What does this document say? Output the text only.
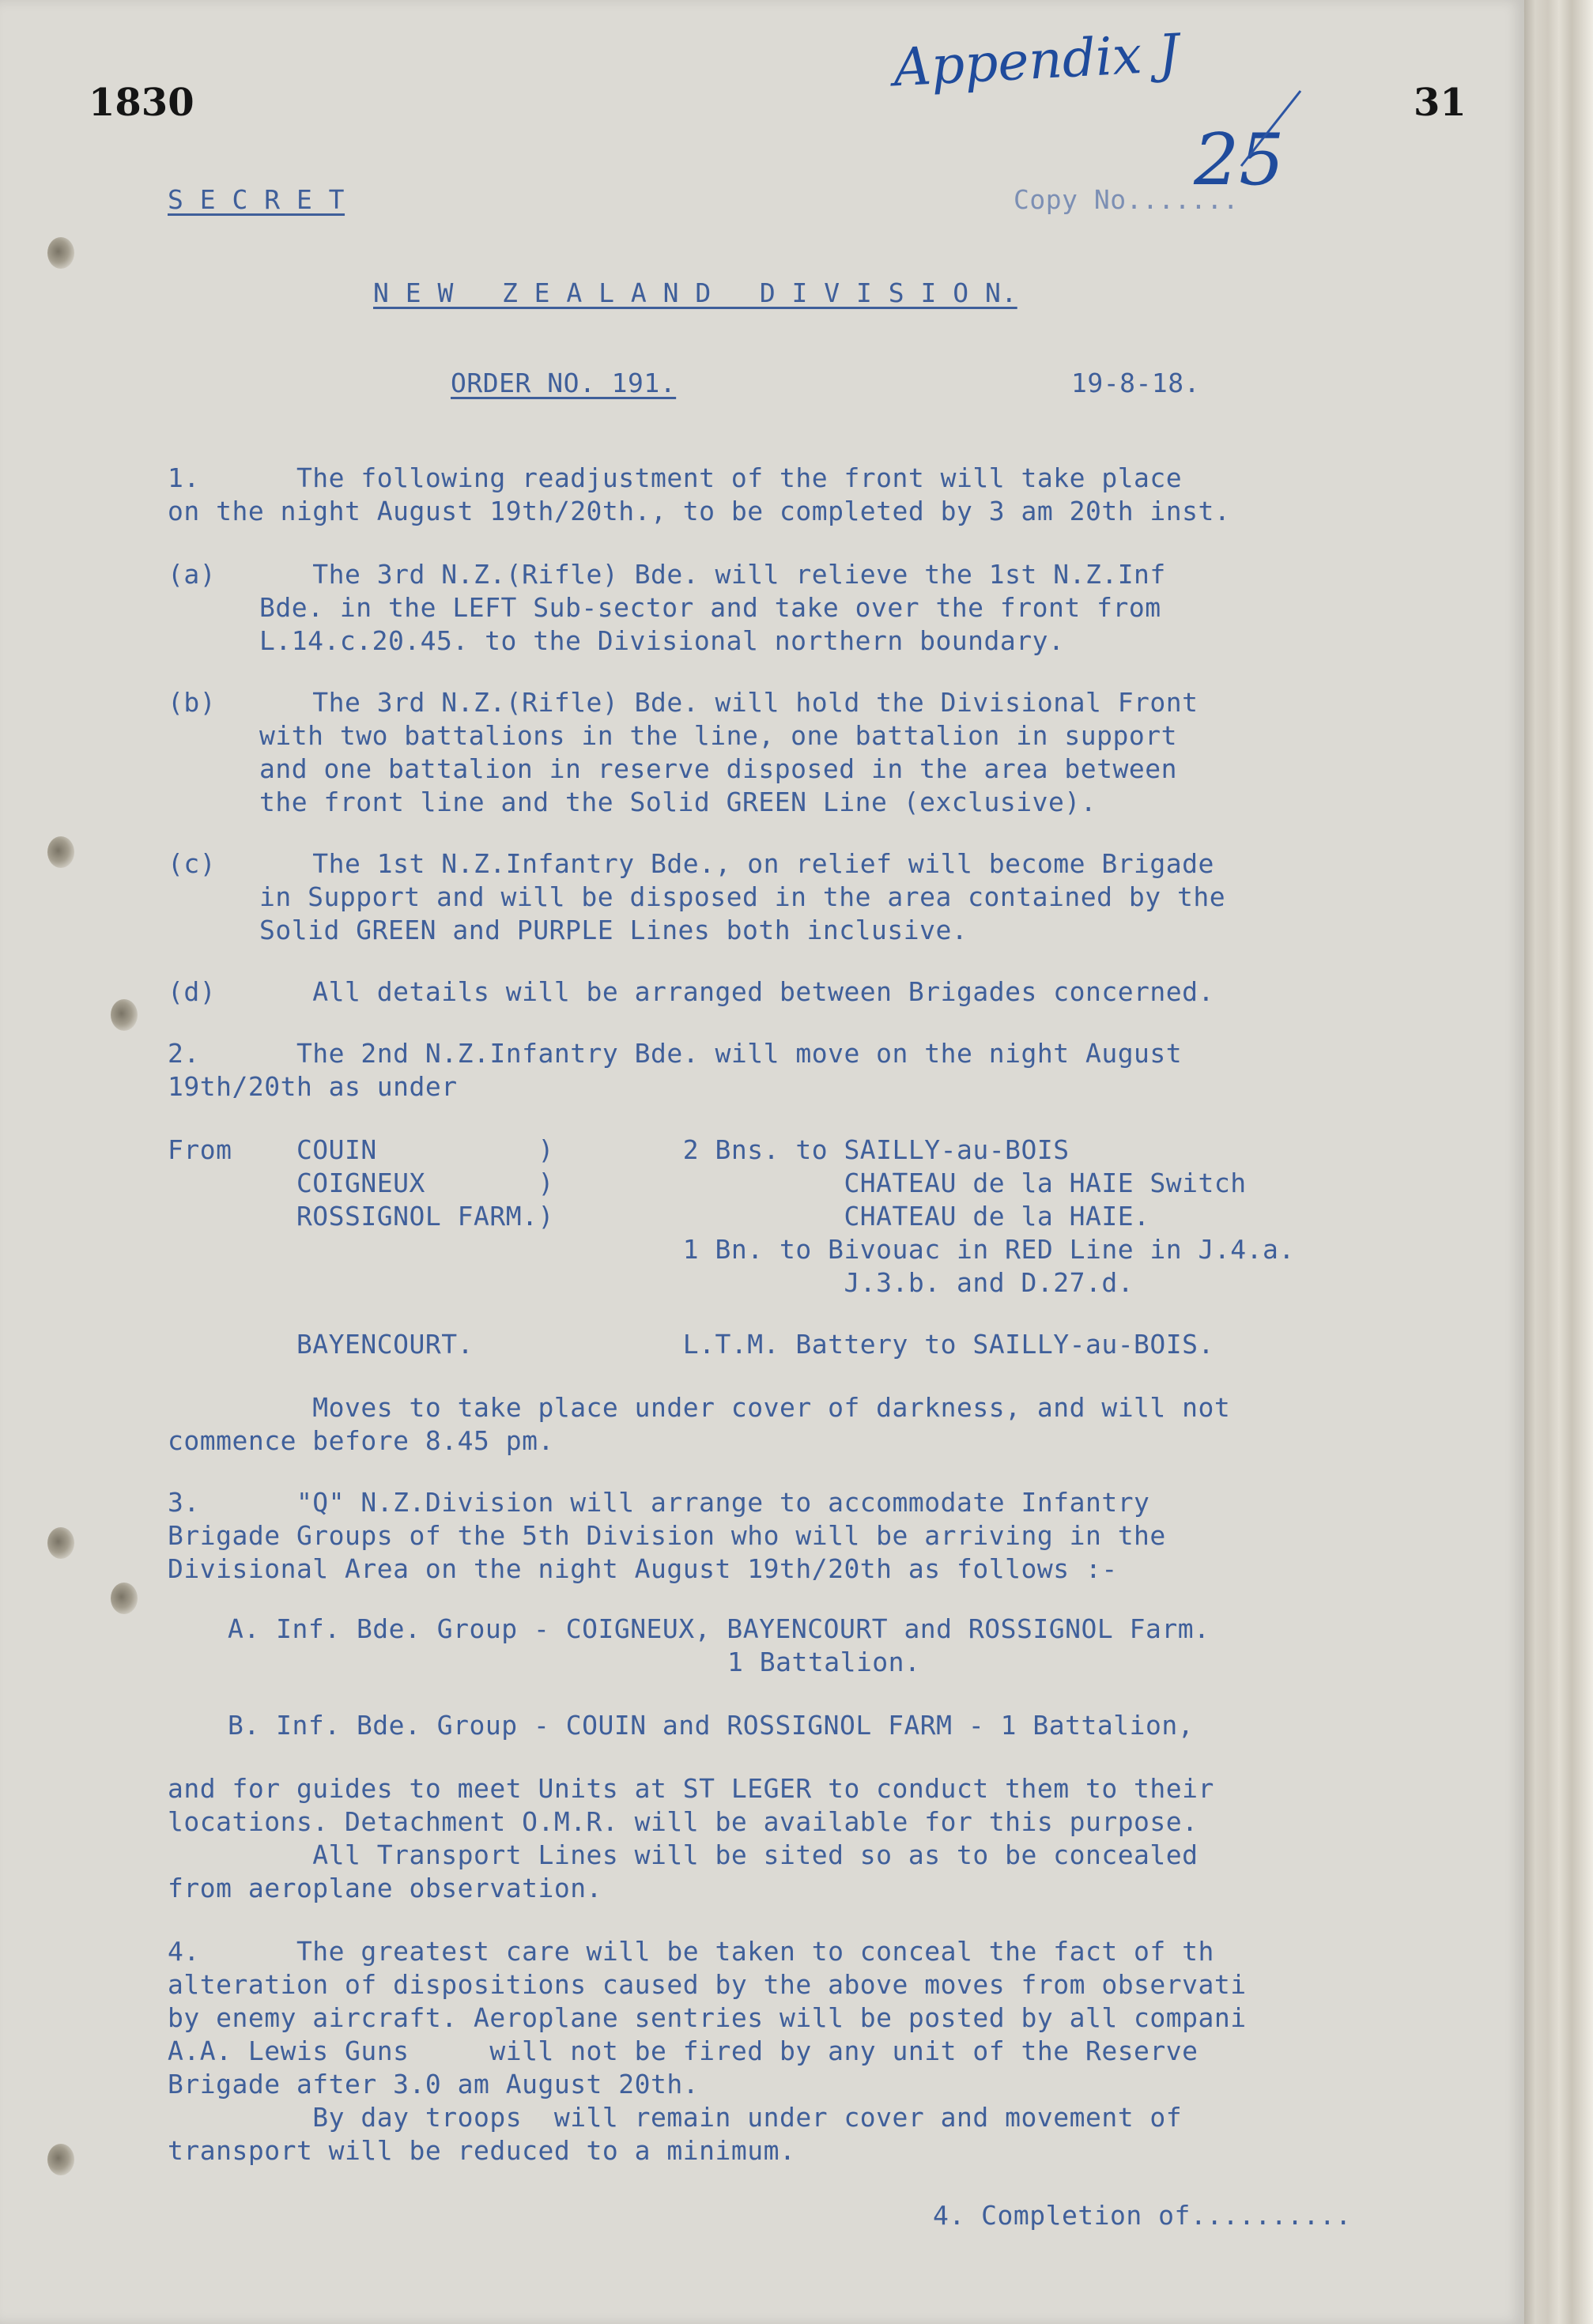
1830	31
Appendix J
25
S E C R E T	Copy No.......
N E W   Z E A L A N D   D I V I S I O N.
ORDER NO. 191.	19-8-18.
1.      The following readjustment of the front will take place
on the night August 19th/20th., to be completed by 3 am 20th inst.
(a)      The 3rd N.Z.(Rifle) Bde. will relieve the 1st N.Z.Inf
Bde. in the LEFT Sub-sector and take over the front from
L.14.c.20.45. to the Divisional northern boundary.
(b)      The 3rd N.Z.(Rifle) Bde. will hold the Divisional Front
with two battalions in the line, one battalion in support
and one battalion in reserve disposed in the area between
the front line and the Solid GREEN Line (exclusive).
(c)      The 1st N.Z.Infantry Bde., on relief will become Brigade
in Support and will be disposed in the area contained by the
Solid GREEN and PURPLE Lines both inclusive.
(d)      All details will be arranged between Brigades concerned.
2.      The 2nd N.Z.Infantry Bde. will move on the night August
19th/20th as under
From    COUIN          )        2 Bns. to SAILLY-au-BOIS
COIGNEUX       )                  CHATEAU de la HAIE Switch
ROSSIGNOL FARM.)                  CHATEAU de la HAIE.
1 Bn. to Bivouac in RED Line in J.4.a.
J.3.b. and D.27.d.
BAYENCOURT.             L.T.M. Battery to SAILLY-au-BOIS.
Moves to take place under cover of darkness, and will not
commence before 8.45 pm.
3.      "Q" N.Z.Division will arrange to accommodate Infantry
Brigade Groups of the 5th Division who will be arriving in the
Divisional Area on the night August 19th/20th as follows :-
A. Inf. Bde. Group - COIGNEUX, BAYENCOURT and ROSSIGNOL Farm.
1 Battalion.
B. Inf. Bde. Group - COUIN and ROSSIGNOL FARM - 1 Battalion,
and for guides to meet Units at ST LEGER to conduct them to their
locations. Detachment O.M.R. will be available for this purpose.
All Transport Lines will be sited so as to be concealed
from aeroplane observation.
4.      The greatest care will be taken to conceal the fact of th
alteration of dispositions caused by the above moves from observati
by enemy aircraft. Aeroplane sentries will be posted by all compani
A.A. Lewis Guns     will not be fired by any unit of the Reserve
Brigade after 3.0 am August 20th.
By day troops  will remain under cover and movement of
transport will be reduced to a minimum.
4. Completion of..........
